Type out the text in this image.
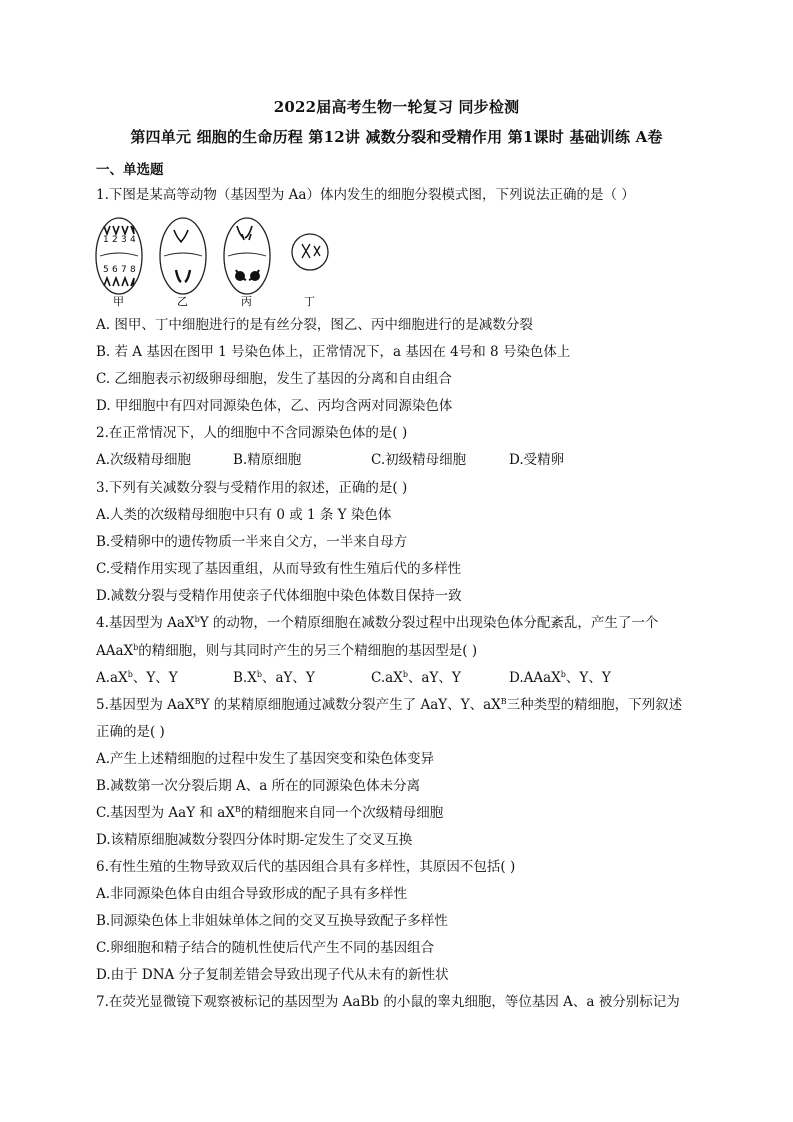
2022届高考生物一轮复习 同步检测
第四单元 细胞的生命历程 第12讲 减数分裂和受精作用 第1课时 基础训练 A卷
一、单选题
1.下图是某高等动物（基因型为 Aa）体内发生的细胞分裂模式图，下列说法正确的是（ ）
1 2 3 4
5 6 7 8
甲	乙	丙	丁
A. 图甲、丁中细胞进行的是有丝分裂，图乙、丙中细胞进行的是减数分裂
B. 若 A 基因在图甲 1 号染色体上，正常情况下，a 基因在 4号和 8 号染色体上
C. 乙细胞表示初级卵母细胞，发生了基因的分离和自由组合
D. 甲细胞中有四对同源染色体，乙、丙均含两对同源染色体
2.在正常情况下，人的细胞中不含同源染色体的是( )
A.次级精母细胞	B.精原细胞	C.初级精母细胞	D.受精卵
3.下列有关减数分裂与受精作用的叙述，正确的是( )
A.人类的次级精母细胞中只有 0 或 1 条 Y 染色体
B.受精卵中的遗传物质一半来自父方，一半来自母方
C.受精作用实现了基因重组，从而导致有性生殖后代的多样性
D.减数分裂与受精作用使亲子代体细胞中染色体数目保持一致
4.基因型为 AaX$^b$Y 的动物，一个精原细胞在减数分裂过程中出现染色体分配紊乱，产生了一个
AAaX$^b$的精细胞，则与其同时产生的另三个精细胞的基因型是( )
$A.aX^b$、Y、Y	$B.X^b$、aY、Y	$C.aX^b$、aY、Y	D.AAaX$^b$、Y、Y
5.基因型为 AaX$^B$Y 的某精原细胞通过减数分裂产生了 AaY、Y、$aX^B$三种类型的精细胞，下列叙述
正确的是( )
A.产生上述精细胞的过程中发生了基因突变和染色体变异
B.减数第一次分裂后期 A、a 所在的同源染色体未分离
C.基因型为 AaY 和 $aX^B$的精细胞来自同一个次级精母细胞
D.该精原细胞减数分裂四分体时期-定发生了交叉互换
6.有性生殖的生物导致双后代的基因组合具有多样性，其原因不包括( )
A.非同源染色体自由组合导致形成的配子具有多样性
B.同源染色体上非姐妹单体之间的交叉互换导致配子多样性
C.卵细胞和精子结合的随机性使后代产生不同的基因组合
D.由于 DNA 分子复制差错会导致出现子代从未有的新性状
7.在荧光显微镜下观察被标记的基因型为 AaBb 的小鼠的睾丸细胞，等位基因 A、a 被分别标记为
